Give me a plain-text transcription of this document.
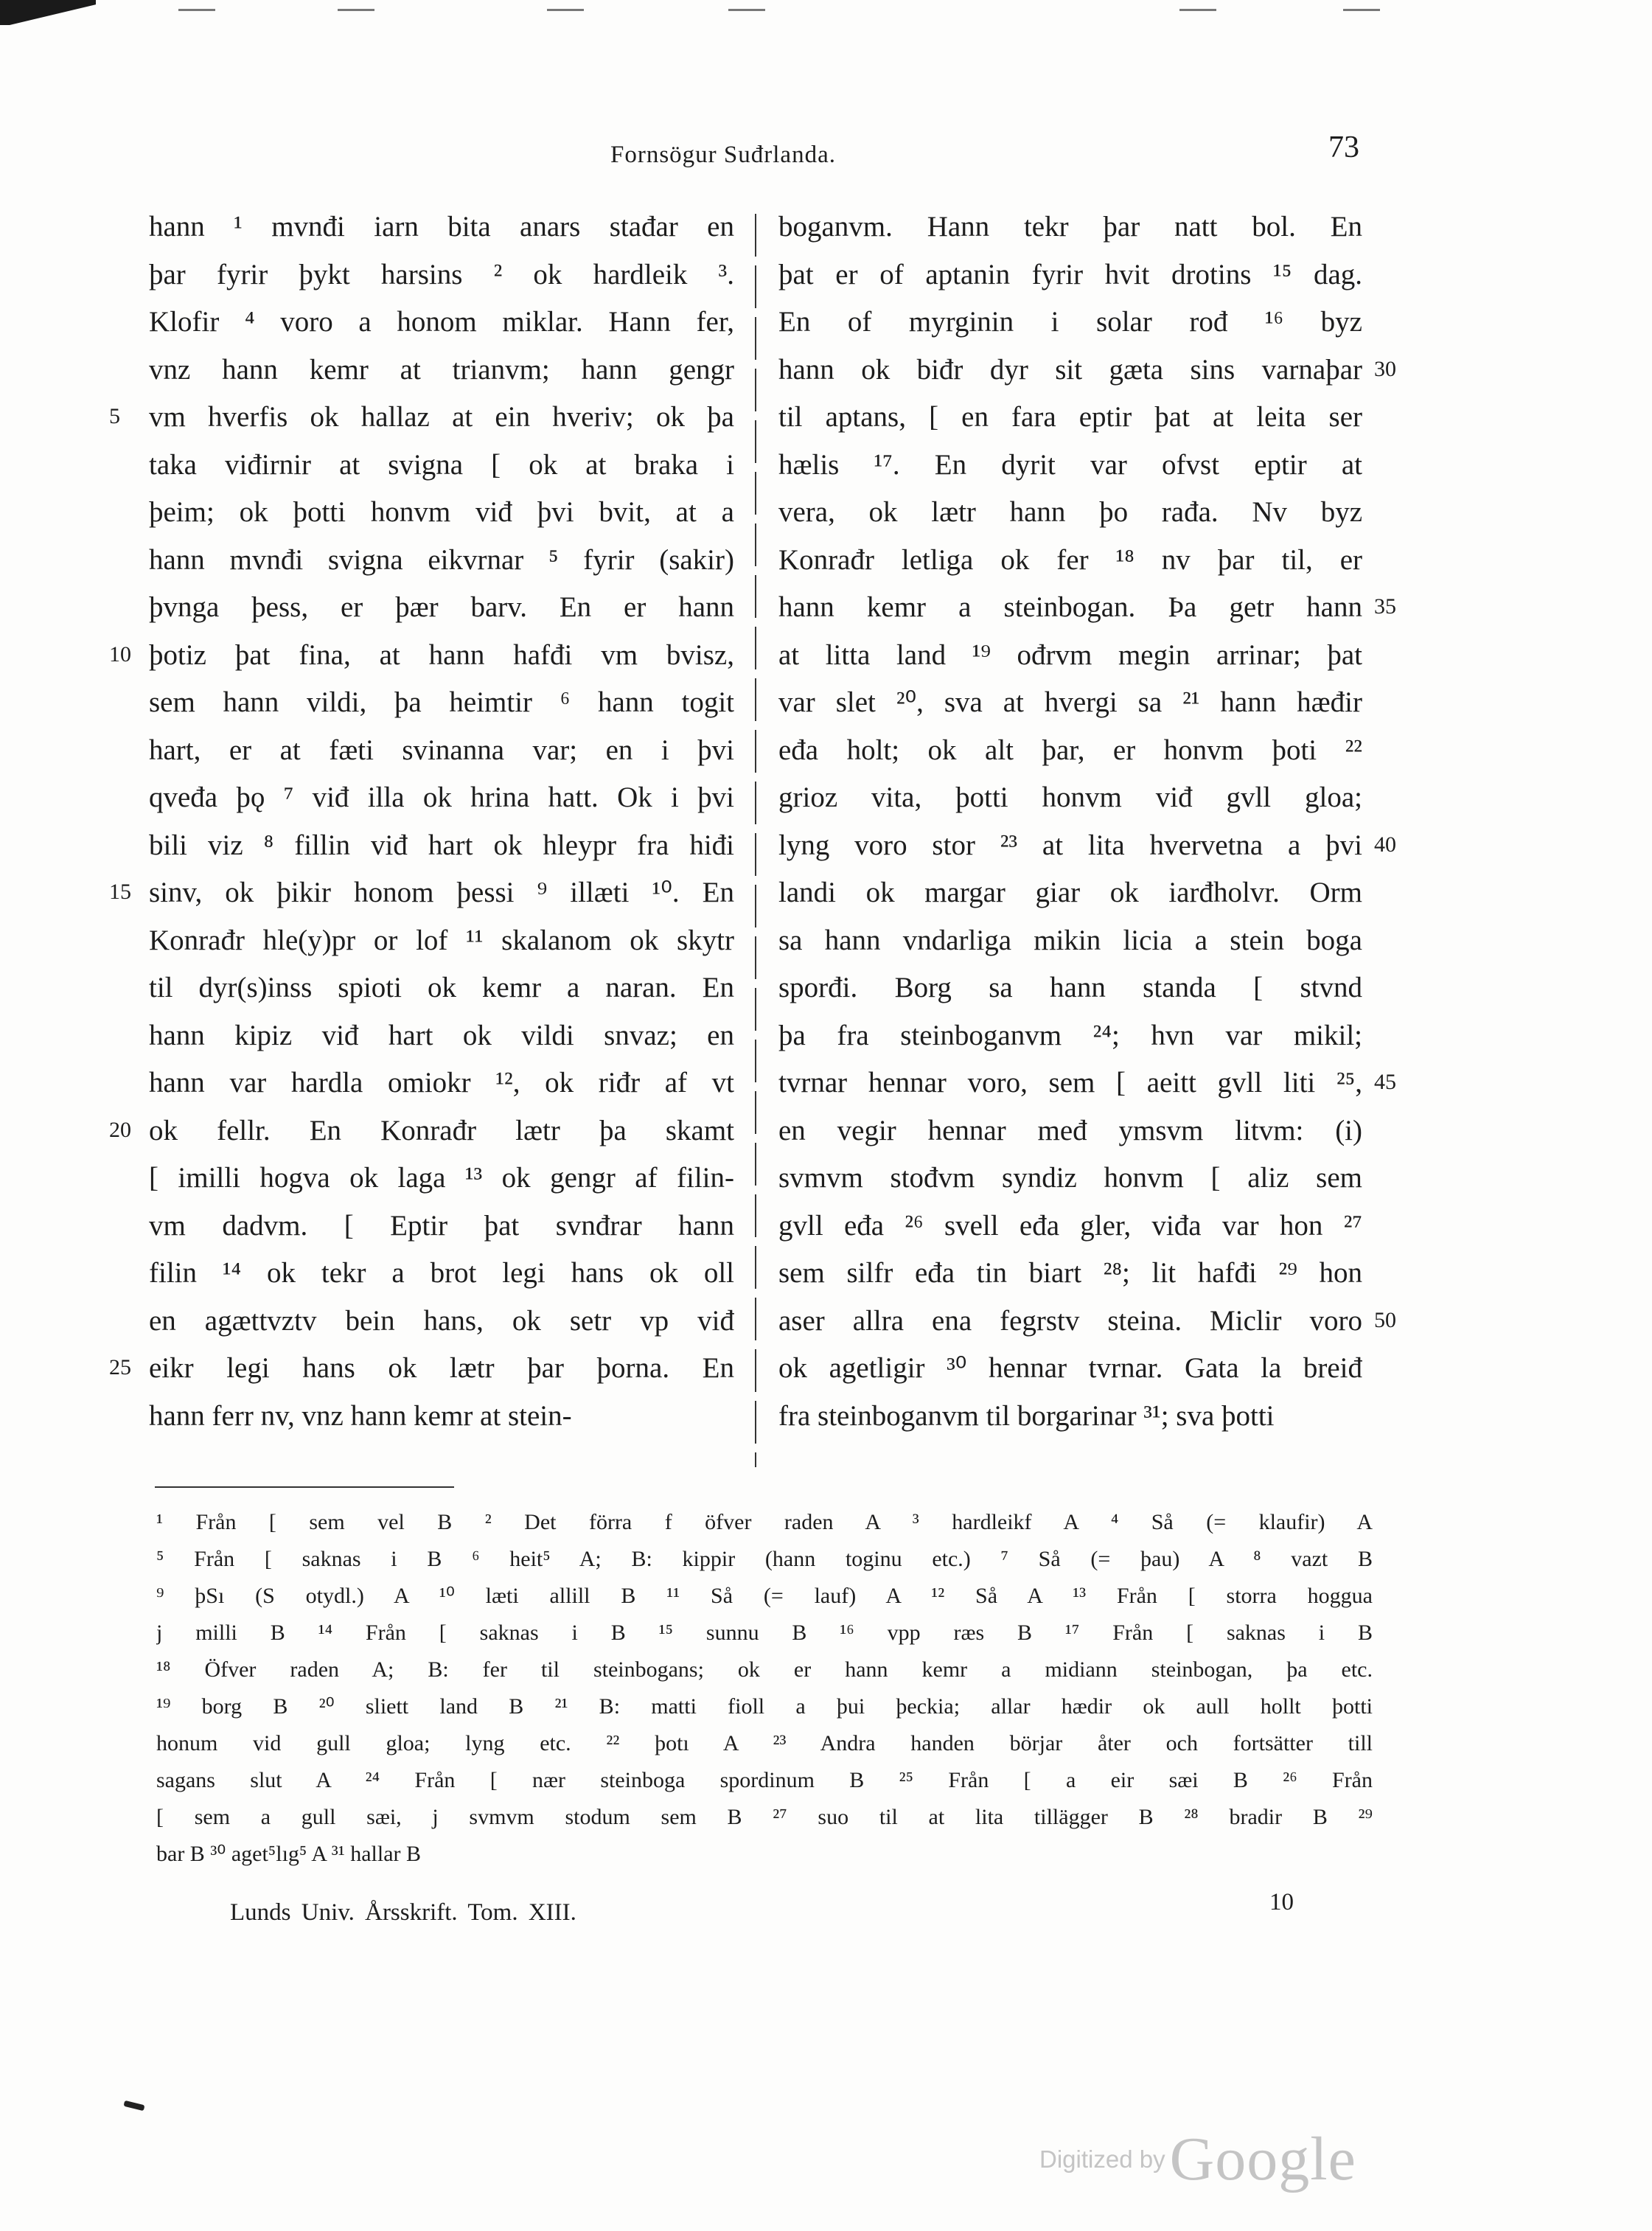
Fornsögur Suđrlanda.	73
hann ¹ mvnđi iarn bita anars stađar en
þar fyrir þykt harsins ² ok hardleik ³.
Klofir ⁴ voro a honom miklar. Hann fer,
vnz hann kemr at trianvm; hann gengr
vm hverfis ok hallaz at ein hveriv; ok þa
taka viđirnir at svigna [ ok at braka i
þeim; ok þotti honvm viđ þvi bvit, at a
hann mvnđi svigna eikvrnar ⁵ fyrir (sakir)
þvnga þess, er þær barv. En er hann
þotiz þat fina, at hann hafđi vm bvisz,
sem hann vildi, þa heimtir ⁶ hann togit
hart, er at fæti svinanna var; en i þvi
qveđa þǫ ⁷ viđ illa ok hrina hatt. Ok i þvi
bili viz ⁸ fillin viđ hart ok hleypr fra hiđi
sinv, ok þikir honom þessi ⁹ illæti ¹⁰. En
Konrađr hle(y)pr or lof ¹¹ skalanom ok skytr
til dyr(s)inss spioti ok kemr a naran. En
hann kipiz viđ hart ok vildi snvaz; en
hann var hardla omiokr ¹², ok riđr af vt
ok fellr. En Konrađr lætr þa skamt
[ imilli hogva ok laga ¹³ ok gengr af filin-
vm dadvm. [ Eptir þat svnđrar hann
filin ¹⁴ ok tekr a brot legi hans ok oll
en agættvztv bein hans, ok setr vp viđ
eikr legi hans ok lætr þar þorna. En
hann ferr nv, vnz hann kemr at stein-
boganvm. Hann tekr þar natt bol. En
þat er of aptanin fyrir hvit drotins ¹⁵ dag.
En of myrginin i solar rođ ¹⁶ byz
hann ok biđr dyr sit gæta sins varnaþar
til aptans, [ en fara eptir þat at leita ser
hælis ¹⁷. En dyrit var ofvst eptir at
vera, ok lætr hann þo rađa. Nv byz
Konrađr letliga ok fer ¹⁸ nv þar til, er
hann kemr a steinbogan. Þa getr hann
at litta land ¹⁹ ođrvm megin arrinar; þat
var slet ²⁰, sva at hvergi sa ²¹ hann hæđir
eđa holt; ok alt þar, er honvm þoti ²²
grioz vita, þotti honvm viđ gvll gloa;
lyng voro stor ²³ at lita hvervetna a þvi
landi ok margar giar ok iarđholvr. Orm
sa hann vndarliga mikin licia a stein boga
sporđi. Borg sa hann standa [ stvnd
þa fra steinboganvm ²⁴; hvn var mikil;
tvrnar hennar voro, sem [ aeitt gvll liti ²⁵,
en vegir hennar međ ymsvm litvm: (i)
svmvm stođvm syndiz honvm [ aliz sem
gvll eđa ²⁶ svell eđa gler, viđa var hon ²⁷
sem silfr eđa tin biart ²⁸; lit hafđi ²⁹ hon
aser allra ena fegrstv steina. Miclir voro
ok agetligir ³⁰ hennar tvrnar. Gata la breiđ
fra steinboganvm til borgarinar ³¹; sva þotti
5
10
15
20
25
30
35
40
45
50
¹ Från [ sem vel B ² Det förra f öfver raden A ³ hardleikf A ⁴ Så (= klaufir) A
⁵ Från [ saknas i B ⁶ heit⁵ A; B: kippir (hann toginu etc.) ⁷ Så (= þau) A ⁸ vazt B
⁹ þSı (S otydl.) A ¹⁰ læti allill B ¹¹ Så (= lauf) A ¹² Så A ¹³ Från [ storra hoggua
j milli B ¹⁴ Från [ saknas i B ¹⁵ sunnu B ¹⁶ vpp ræs B ¹⁷ Från [ saknas i B
¹⁸ Öfver raden A; B: fer til steinbogans; ok er hann kemr a midiann steinbogan, þa etc.
¹⁹ borg B ²⁰ sliett land B ²¹ B: matti fioll a þui þeckia; allar hædir ok aull hollt þotti
honum vid gull gloa; lyng etc. ²² þotı A ²³ Andra handen börjar åter och fortsätter till
sagans slut A ²⁴ Från [ nær steinboga spordinum B ²⁵ Från [ a eir sæi B ²⁶ Från
[ sem a gull sæi, j svmvm stodum sem B ²⁷ suo til at lita tillägger B ²⁸ bradir B ²⁹
bar B ³⁰ aget⁵lıg⁵ A ³¹ hallar B
Lunds Univ. Årsskrift. Tom. XIII.	10
Digitized byGoogle
